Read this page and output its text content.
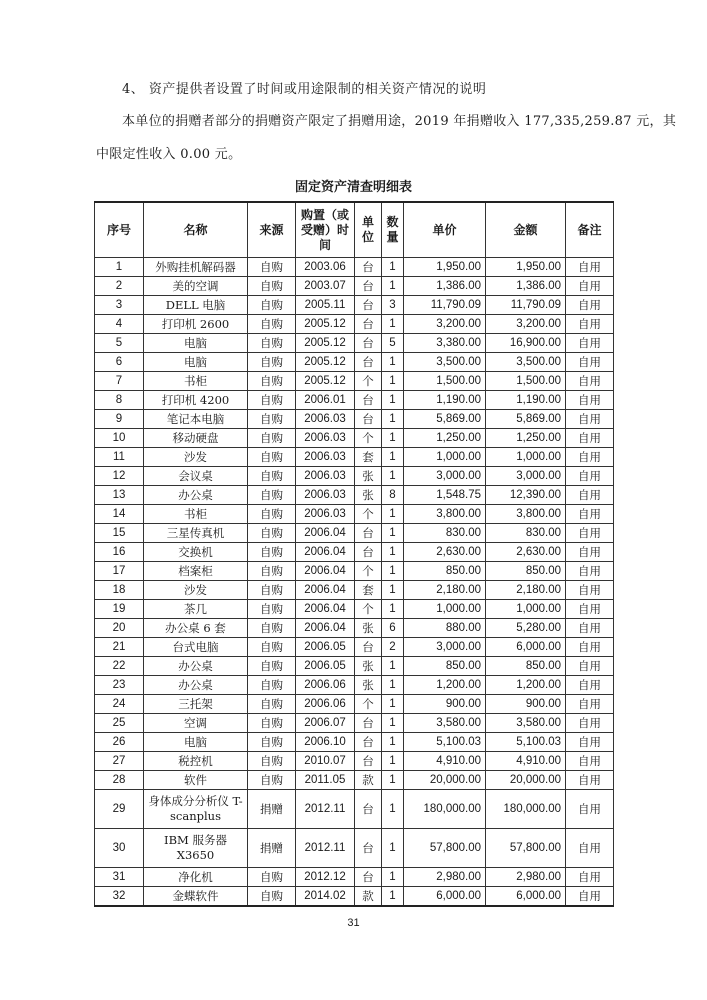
4、 资产提供者设置了时间或用途限制的相关资产情况的说明
本单位的捐赠者部分的捐赠资产限定了捐赠用途，2019 年捐赠收入 177,335,259.87 元，其
中限定性收入 0.00 元。
固定资产清查明细表
序号	名称	来源	购置（或受赠）时间	单位	数量	单价	金额	备注
1	外购挂机解码器	自购	2003.06	台	1	1,950.00	1,950.00	自用
2	美的空调	自购	2003.07	台	1	1,386.00	1,386.00	自用
3	DELL 电脑	自购	2005.11	台	3	11,790.09	11,790.09	自用
4	打印机 2600	自购	2005.12	台	1	3,200.00	3,200.00	自用
5	电脑	自购	2005.12	台	5	3,380.00	16,900.00	自用
6	电脑	自购	2005.12	台	1	3,500.00	3,500.00	自用
7	书柜	自购	2005.12	个	1	1,500.00	1,500.00	自用
8	打印机 4200	自购	2006.01	台	1	1,190.00	1,190.00	自用
9	笔记本电脑	自购	2006.03	台	1	5,869.00	5,869.00	自用
10	移动硬盘	自购	2006.03	个	1	1,250.00	1,250.00	自用
11	沙发	自购	2006.03	套	1	1,000.00	1,000.00	自用
12	会议桌	自购	2006.03	张	1	3,000.00	3,000.00	自用
13	办公桌	自购	2006.03	张	8	1,548.75	12,390.00	自用
14	书柜	自购	2006.03	个	1	3,800.00	3,800.00	自用
15	三星传真机	自购	2006.04	台	1	830.00	830.00	自用
16	交换机	自购	2006.04	台	1	2,630.00	2,630.00	自用
17	档案柜	自购	2006.04	个	1	850.00	850.00	自用
18	沙发	自购	2006.04	套	1	2,180.00	2,180.00	自用
19	茶几	自购	2006.04	个	1	1,000.00	1,000.00	自用
20	办公桌 6 套	自购	2006.04	张	6	880.00	5,280.00	自用
21	台式电脑	自购	2006.05	台	2	3,000.00	6,000.00	自用
22	办公桌	自购	2006.05	张	1	850.00	850.00	自用
23	办公桌	自购	2006.06	张	1	1,200.00	1,200.00	自用
24	三托架	自购	2006.06	个	1	900.00	900.00	自用
25	空调	自购	2006.07	台	1	3,580.00	3,580.00	自用
26	电脑	自购	2006.10	台	1	5,100.03	5,100.03	自用
27	税控机	自购	2010.07	台	1	4,910.00	4,910.00	自用
28	软件	自购	2011.05	款	1	20,000.00	20,000.00	自用
29	身体成分分析仪 T-scanplus	捐赠	2012.11	台	1	180,000.00	180,000.00	自用
30	IBM 服务器 X3650	捐赠	2012.11	台	1	57,800.00	57,800.00	自用
31	净化机	自购	2012.12	台	1	2,980.00	2,980.00	自用
32	金蝶软件	自购	2014.02	款	1	6,000.00	6,000.00	自用
31
